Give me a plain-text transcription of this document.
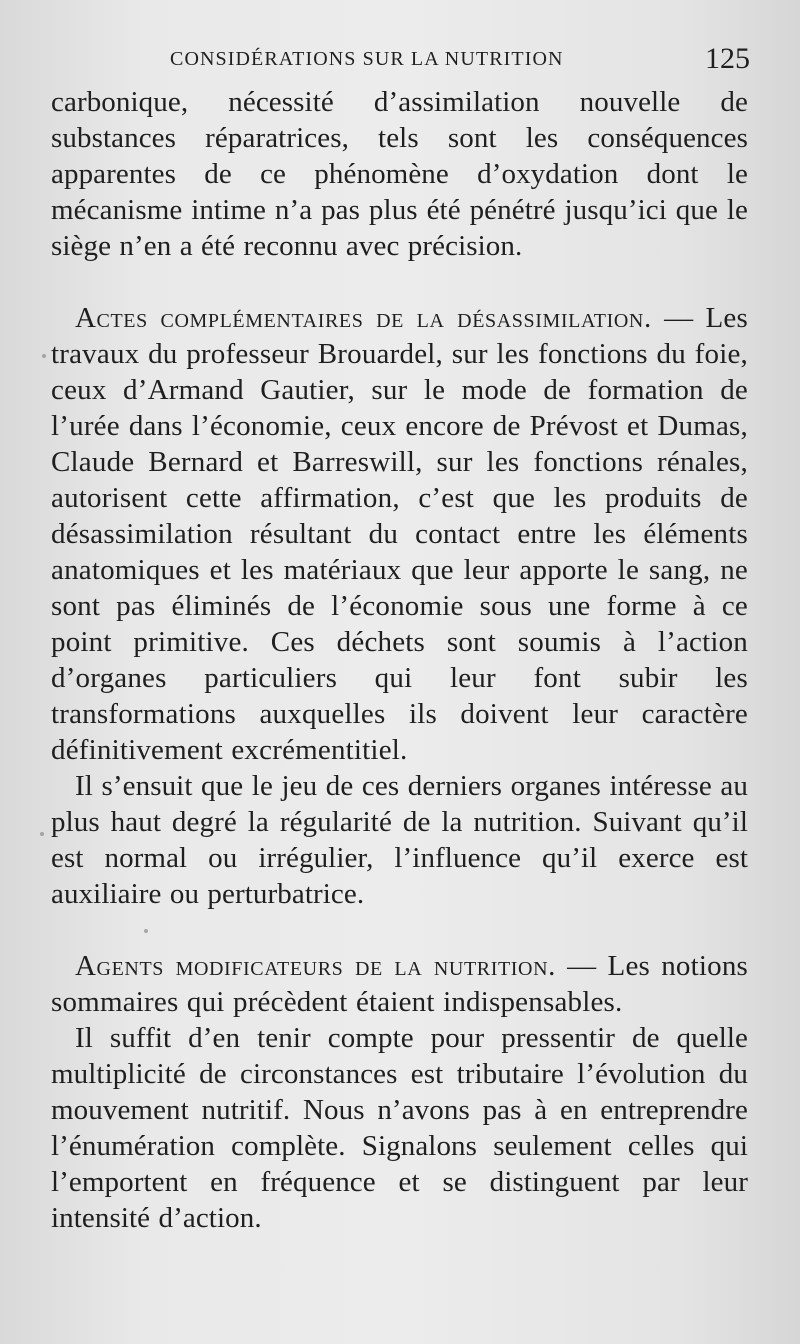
CONSIDÉRATIONS SUR LA NUTRITION	125

carbonique, nécessité d’assimilation nouvelle de substances réparatrices, tels sont les conséquences apparentes de ce phénomène d’oxydation dont le mécanisme intime n’a pas plus été pénétré jusqu’ici que le siège n’en a été reconnu avec précision.

Actes complémentaires de la désassimilation. — Les travaux du professeur Brouardel, sur les fonctions du foie, ceux d’Armand Gautier, sur le mode de formation de l’urée dans l’économie, ceux encore de Prévost et Dumas, Claude Bernard et Barreswill, sur les fonctions rénales, autorisent cette affirmation, c’est que les produits de désassimilation résultant du contact entre les éléments anatomiques et les matériaux que leur apporte le sang, ne sont pas éliminés de l’économie sous une forme à ce point primitive. Ces déchets sont soumis à l’action d’organes particuliers qui leur font subir les transformations auxquelles ils doivent leur caractère définitivement excrémentitiel.

Il s’ensuit que le jeu de ces derniers organes intéresse au plus haut degré la régularité de la nutrition. Suivant qu’il est normal ou irrégulier, l’influence qu’il exerce est auxiliaire ou perturbatrice.

Agents modificateurs de la nutrition. — Les notions sommaires qui précèdent étaient indispensables.

Il suffit d’en tenir compte pour pressentir de quelle multiplicité de circonstances est tributaire l’évolution du mouvement nutritif. Nous n’avons pas à en entreprendre l’énumération complète. Signalons seulement celles qui l’emportent en fréquence et se distinguent par leur intensité d’action.
